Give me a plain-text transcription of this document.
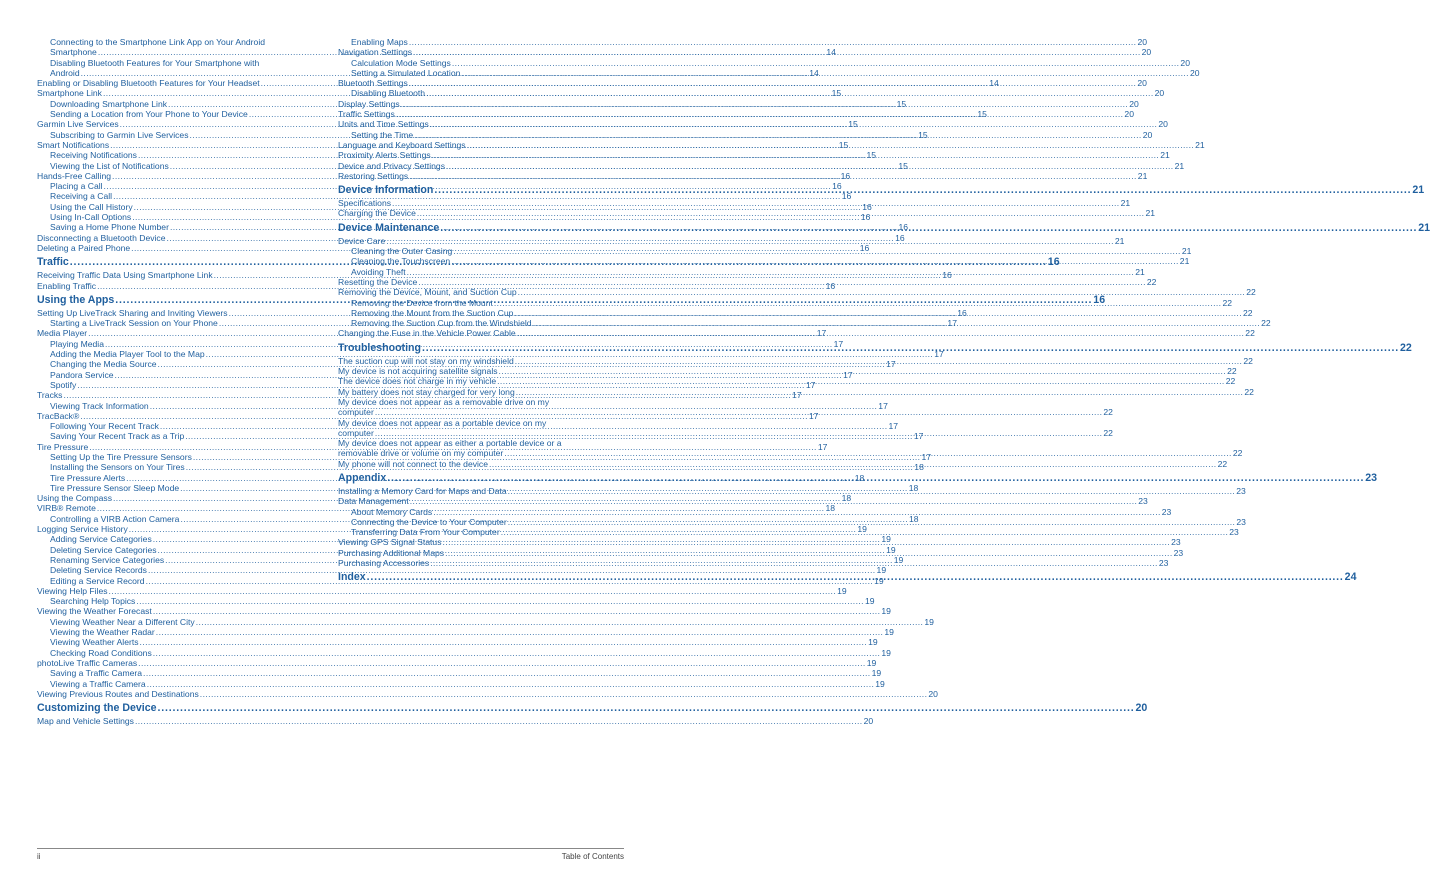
Connecting to the Smartphone Link App on Your Android
Smartphone .....	14
Disabling Bluetooth Features for Your Smartphone with
Android .....	14
Enabling or Disabling Bluetooth Features for Your Headset .....	14
Smartphone Link .....	15
Downloading Smartphone Link .....	15
Sending a Location from Your Phone to Your Device .....	15
Garmin Live Services .....	15
Subscribing to Garmin Live Services .....	15
Smart Notifications .....	15
Receiving Notifications .....	15
Viewing the List of Notifications .....	15
Hands-Free Calling .....	16
Placing a Call .....	16
Receiving a Call .....	16
Using the Call History .....	16
Using In-Call Options .....	16
Saving a Home Phone Number .....	16
Disconnecting a Bluetooth Device .....	16
Deleting a Paired Phone .....	16
Traffic .....	16
Receiving Traffic Data Using Smartphone Link .....	16
Enabling Traffic .....	16
Using the Apps .....	16
Setting Up LiveTrack Sharing and Inviting Viewers .....	16
Starting a LiveTrack Session on Your Phone .....	17
Media Player .....	17
Playing Media .....	17
Adding the Media Player Tool to the Map .....	17
Changing the Media Source .....	17
Pandora Service .....	17
Spotify .....	17
Tracks .....	17
Viewing Track Information .....	17
TracBack® .....	17
Following Your Recent Track .....	17
Saving Your Recent Track as a Trip .....	17
Tire Pressure .....	17
Setting Up the Tire Pressure Sensors .....	17
Installing the Sensors on Your Tires .....	18
Tire Pressure Alerts .....	18
Tire Pressure Sensor Sleep Mode .....	18
Using the Compass .....	18
VIRB® Remote .....	18
Controlling a VIRB Action Camera .....	18
Logging Service History .....	19
Adding Service Categories .....	19
Deleting Service Categories .....	19
Renaming Service Categories .....	19
Deleting Service Records .....	19
Editing a Service Record .....	19
Viewing Help Files .....	19
Searching Help Topics .....	19
Viewing the Weather Forecast .....	19
Viewing Weather Near a Different City .....	19
Viewing the Weather Radar .....	19
Viewing Weather Alerts .....	19
Checking Road Conditions .....	19
photoLive Traffic Cameras .....	19
Saving a Traffic Camera .....	19
Viewing a Traffic Camera .....	19
Viewing Previous Routes and Destinations .....	20
Customizing the Device .....	20
Map and Vehicle Settings .....	20
Enabling Maps .....	20
Navigation Settings .....	20
Calculation Mode Settings .....	20
Setting a Simulated Location .....	20
Bluetooth Settings .....	20
Disabling Bluetooth .....	20
Display Settings .....	20
Traffic Settings .....	20
Units and Time Settings .....	20
Setting the Time .....	20
Language and Keyboard Settings .....	21
Proximity Alerts Settings .....	21
Device and Privacy Settings .....	21
Restoring Settings .....	21
Device Information .....	21
Specifications .....	21
Charging the Device .....	21
Device Maintenance .....	21
Device Care .....	21
Cleaning the Outer Casing .....	21
Cleaning the Touchscreen .....	21
Avoiding Theft .....	21
Resetting the Device .....	22
Removing the Device, Mount, and Suction Cup .....	22
Removing the Device from the Mount .....	22
Removing the Mount from the Suction Cup .....	22
Removing the Suction Cup from the Windshield .....	22
Changing the Fuse in the Vehicle Power Cable .....	22
Troubleshooting .....	22
The suction cup will not stay on my windshield .....	22
My device is not acquiring satellite signals .....	22
The device does not charge in my vehicle .....	22
My battery does not stay charged for very long .....	22
My device does not appear as a removable drive on my
computer .....	22
My device does not appear as a portable device on my
computer .....	22
My device does not appear as either a portable device or a
removable drive or volume on my computer .....	22
My phone will not connect to the device .....	22
Appendix .....	23
Installing a Memory Card for Maps and Data .....	23
Data Management .....	23
About Memory Cards .....	23
Connecting the Device to Your Computer .....	23
Transferring Data From Your Computer .....	23
Viewing GPS Signal Status .....	23
Purchasing Additional Maps .....	23
Purchasing Accessories .....	23
Index .....	24
ii	Table of Contents
